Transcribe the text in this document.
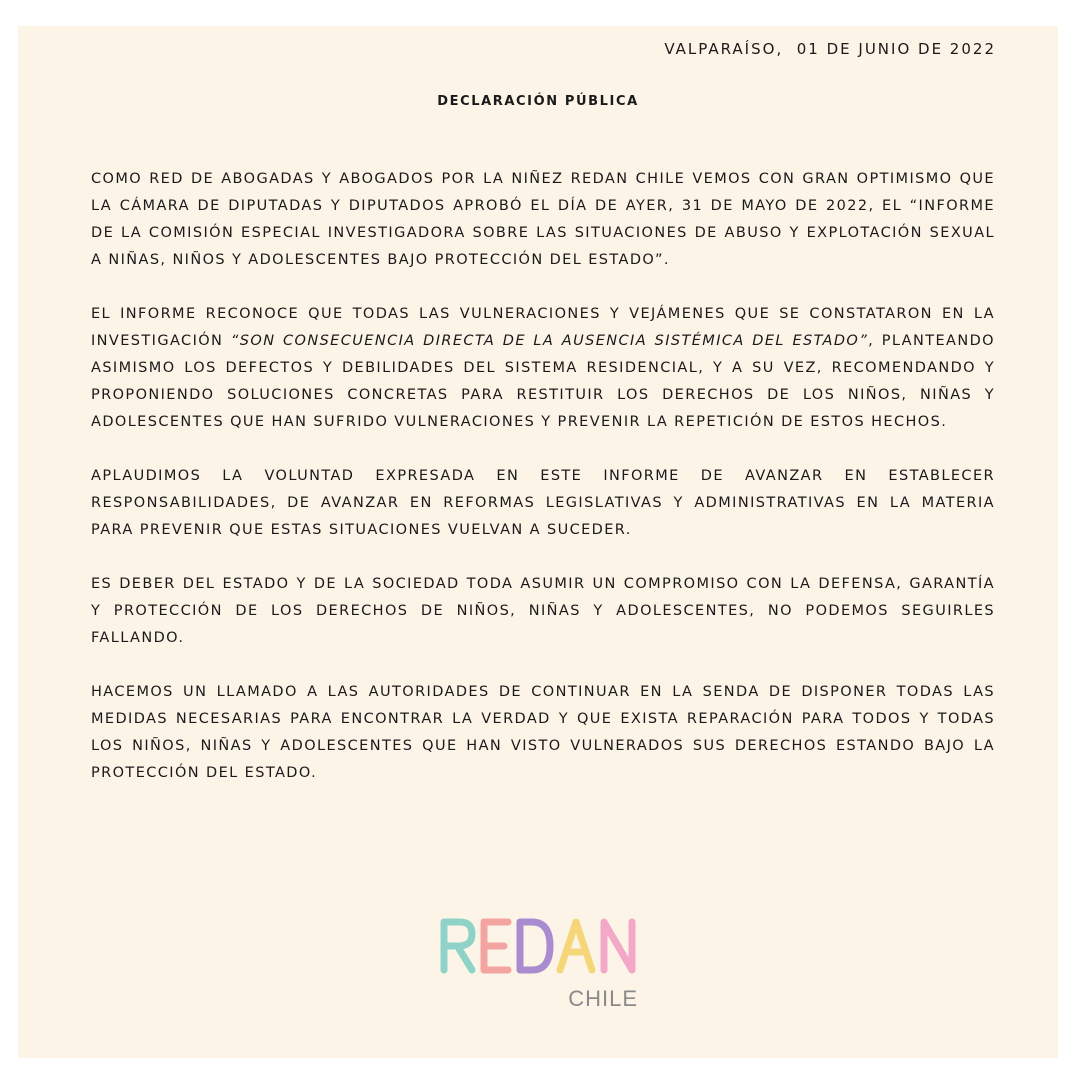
VALPARAÍSO,  01 DE JUNIO DE 2022
DECLARACIÓN PÚBLICA

COMO RED DE ABOGADAS Y ABOGADOS POR LA NIÑEZ REDAN CHILE VEMOS CON GRAN OPTIMISMO QUE LA CÁMARA DE DIPUTADAS Y DIPUTADOS APROBÓ EL DÍA DE AYER, 31 DE MAYO DE 2022, EL “INFORME DE LA COMISIÓN ESPECIAL INVESTIGADORA SOBRE LAS SITUACIONES DE ABUSO Y EXPLOTACIÓN SEXUAL A NIÑAS, NIÑOS Y ADOLESCENTES BAJO PROTECCIÓN DEL ESTADO”.

EL INFORME RECONOCE QUE TODAS LAS VULNERACIONES Y VEJÁMENES QUE SE CONSTATARON EN LA INVESTIGACIÓN “SON CONSECUENCIA DIRECTA DE LA AUSENCIA SISTÉMICA DEL ESTADO”, PLANTEANDO ASIMISMO LOS DEFECTOS Y DEBILIDADES DEL SISTEMA RESIDENCIAL, Y A SU VEZ, RECOMENDANDO Y PROPONIENDO SOLUCIONES CONCRETAS PARA RESTITUIR LOS DERECHOS DE LOS NIÑOS, NIÑAS Y ADOLESCENTES QUE HAN SUFRIDO VULNERACIONES Y PREVENIR LA REPETICIÓN DE ESTOS HECHOS.

APLAUDIMOS LA VOLUNTAD EXPRESADA EN ESTE INFORME DE AVANZAR EN ESTABLECER RESPONSABILIDADES, DE AVANZAR EN REFORMAS LEGISLATIVAS Y ADMINISTRATIVAS EN LA MATERIA PARA PREVENIR QUE ESTAS SITUACIONES VUELVAN A SUCEDER.

ES DEBER DEL ESTADO Y DE LA SOCIEDAD TODA ASUMIR UN COMPROMISO CON LA DEFENSA, GARANTÍA Y PROTECCIÓN DE LOS DERECHOS DE NIÑOS, NIÑAS Y ADOLESCENTES, NO PODEMOS SEGUIRLES FALLANDO.

HACEMOS UN LLAMADO A LAS AUTORIDADES DE CONTINUAR EN LA SENDA DE DISPONER TODAS LAS MEDIDAS NECESARIAS PARA ENCONTRAR LA VERDAD Y QUE EXISTA REPARACIÓN PARA TODOS Y TODAS LOS NIÑOS, NIÑAS Y ADOLESCENTES QUE HAN VISTO VULNERADOS SUS DERECHOS ESTANDO BAJO LA PROTECCIÓN DEL ESTADO.

CHILE
